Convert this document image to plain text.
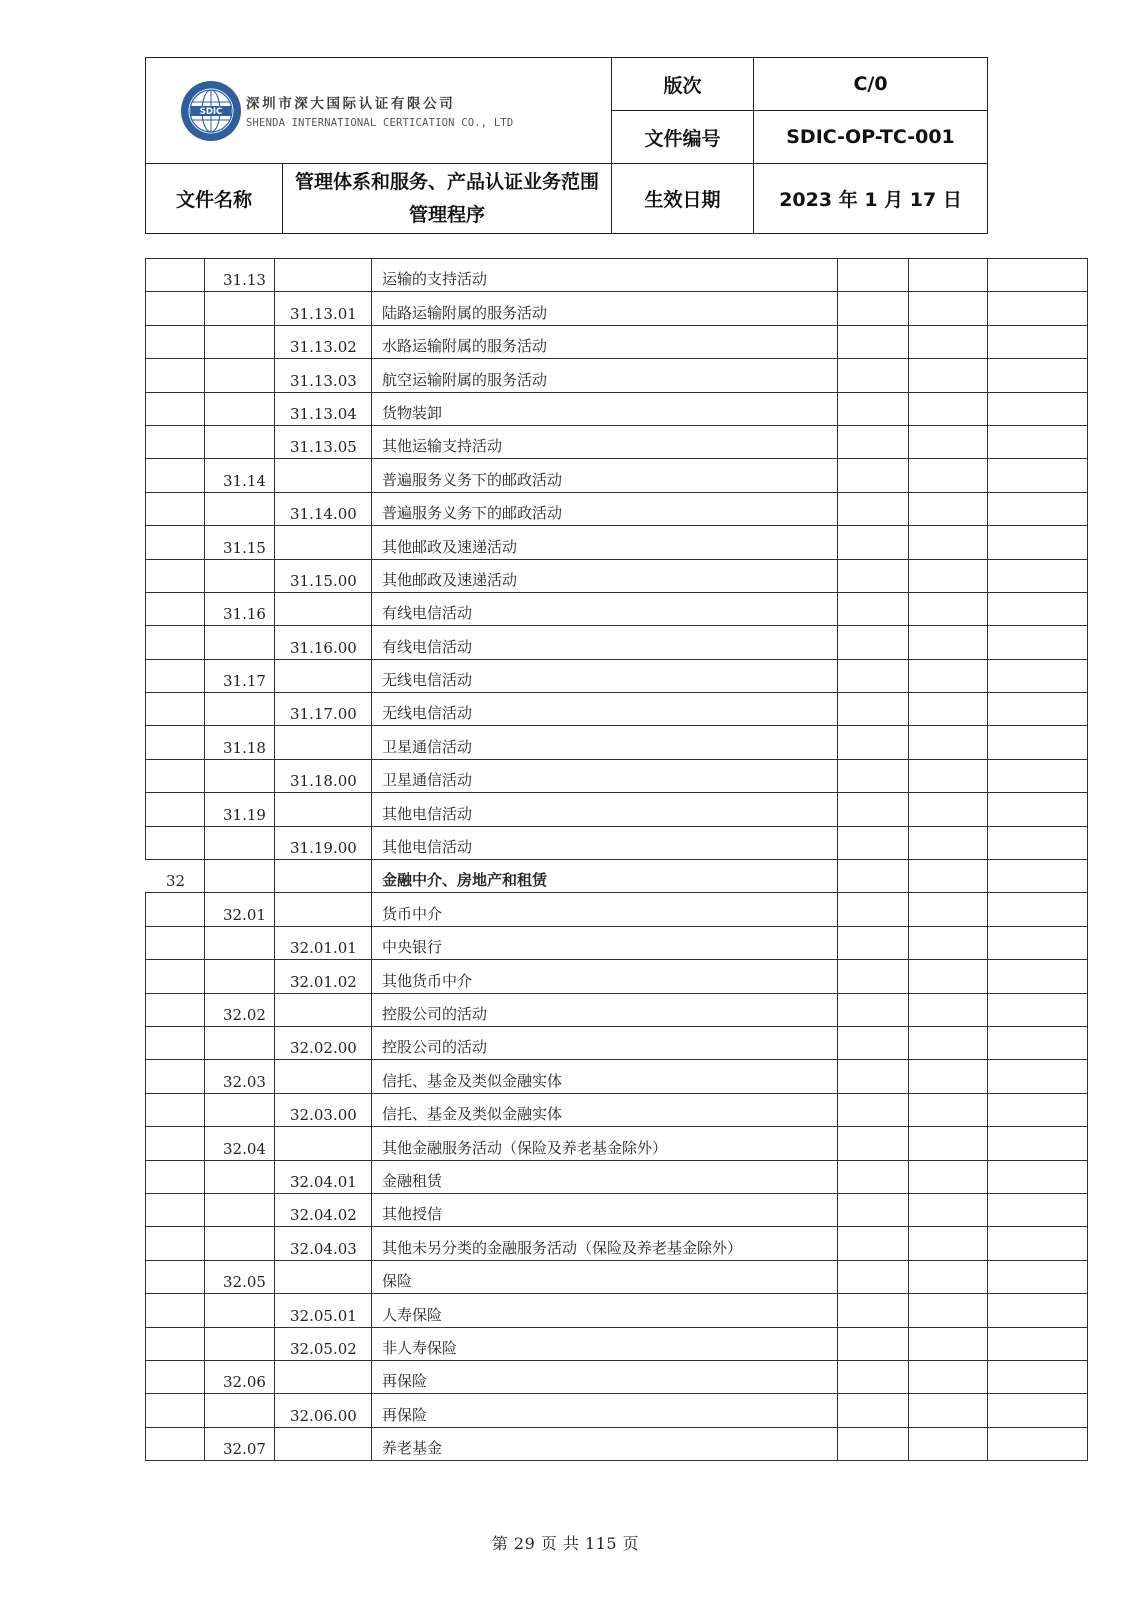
SDIC 深圳市深大国际认证有限公司
SHENDA INTERNATIONAL CERTICATION CO., LTD		版次	C/0
		文件编号	SDIC-OP-TC-001
文件名称	管理体系和服务、产品认证业务范围管理程序	生效日期	2023 年 1 月 17 日
	31.13		运输的支持活动			
		31.13.01	陆路运输附属的服务活动			
		31.13.02	水路运输附属的服务活动			
		31.13.03	航空运输附属的服务活动			
		31.13.04	货物装卸			
		31.13.05	其他运输支持活动			
	31.14		普遍服务义务下的邮政活动			
		31.14.00	普遍服务义务下的邮政活动			
	31.15		其他邮政及速递活动			
		31.15.00	其他邮政及速递活动			
	31.16		有线电信活动			
		31.16.00	有线电信活动			
	31.17		无线电信活动			
		31.17.00	无线电信活动			
	31.18		卫星通信活动			
		31.18.00	卫星通信活动			
	31.19		其他电信活动			
		31.19.00	其他电信活动			
32			金融中介、房地产和租赁			
	32.01		货币中介			
		32.01.01	中央银行			
		32.01.02	其他货币中介			
	32.02		控股公司的活动			
		32.02.00	控股公司的活动			
	32.03		信托、基金及类似金融实体			
		32.03.00	信托、基金及类似金融实体			
	32.04		其他金融服务活动（保险及养老基金除外）			
		32.04.01	金融租赁			
		32.04.02	其他授信			
		32.04.03	其他未另分类的金融服务活动（保险及养老基金除外）			
	32.05		保险			
		32.05.01	人寿保险			
		32.05.02	非人寿保险			
	32.06		再保险			
		32.06.00	再保险			
	32.07		养老基金			
第 29 页 共 115 页
